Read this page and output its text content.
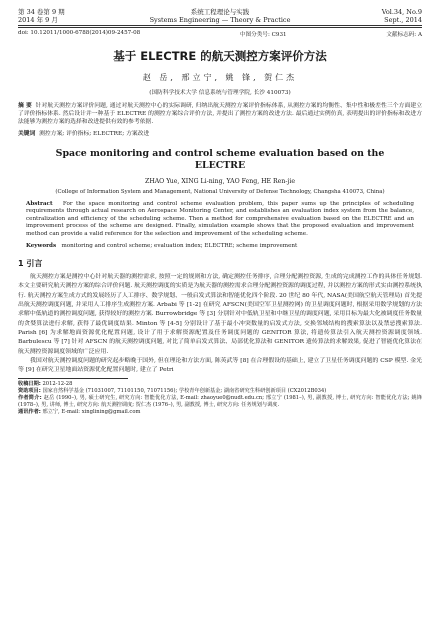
第 34 卷第 9 期
2014 年 9 月
系统工程理论与实践
Systems Engineering — Theory & Practice
Vol.34, No.9
Sept., 2014
doi: 10.12011/1000-6788(2014)09-2457-08	中图分类号: C931	文献标志码: A
基于 ELECTRE 的航天测控方案评价方法
赵 岳, 邢立宁, 姚 锋, 贺仁杰
(国防科学技术大学 信息系统与管理学院, 长沙 410073)

摘 要 针对航天测控方案评价问题, 通过对航天测控中心的实际调研, 归纳出航天测控方案评价指标体系, 从测控方案的均衡性、集中性和极差性三个方面建立了评价指标体系. 然后设计并一种基于 ELECTRE 的测控方案综合评价方法, 并提出了测控方案的改进方法. 最后通过实例仿真, 表明提出的评价指标和改进方法能够为测控方案的选择和改进提供有效的参考依据.

关键词 测控方案; 评价指标; ELECTRE; 方案改进

Space monitoring and control scheme evaluation based on the ELECTRE
ZHAO Yue, XING Li-ning, YAO Feng, HE Ren-jie
(College of Information System and Management, National University of Defense Technology, Changsha 410073, China)

Abstract For the space monitoring and control scheme evaluation problem, this paper sums up the principles of scheduling requirements through actual research on Aerospace Monitoring Center, and establishes an evaluation index system from the balance, centralization and efficiency of the scheduling scheme. Then a method for comprehensive evaluation based on the ELECTRE and an improvement process of the scheme are designed. Finally, simulation example shows that the proposed evaluation and improvement method can provide a valid reference for the selection and improvement of the scheduling scheme.

Keywords monitoring and control scheme; evaluation index; ELECTRE; scheme improvement

1 引言

航天测控方案是测控中心针对航天器的测控需求, 按照一定的规则和方法, 确定测控任务排序, 合理分配测控资源, 生成的完成测控工作的具体任务规划. 本文主要研究航天测控方案的综合评价问题. 航天测控调度的实质是为航天器的测控需求合理分配测控资源的调度过程, 并以测控方案的形式实由测控系统执行. 航天测控方案生成方式的发展经历了人工排序、数学规划、一般启发式算法和智能优化四个阶段. 20 世纪 80 年代, NASA(美国航空航天管理局) 首先提出航天测控调度问题, 并采用人工排序生成测控方案. Arbabi 等 [1-2] 在研究 AFSCN(美国空军卫星测控网) 的卫星调度问题时, 根据采用数学规划的方法求解中低轨道的测控调度问题, 获得较好的测控方案. Burrowbridge 等 [3] 分别针对中低轨卫星和中继卫星的调度问题, 采用目标为最大化被调度任务数量的贪婪算法进行求解, 获得了最优调度结果. Minton 等 [4-5] 分别设计了基于最小冲突数量的启发式方法, 交换邻域结构的搜索算法以及禁忌搜索算法. Parish [6] 为求解地面资源优化配置问题, 设计了用于求解资源配置及任务调度问题的 GENITOR 算法, 将遗传算法引入航天测控资源调度领域. Barbulescu 等 [7] 针对 AFSCN 的航天测控调度问题, 对比了简单启发式算法、局部优化算法和 GENITOR 遗传算法的求解效果, 促进了智能优化算法在航天测控资源调度领域的广泛应用.

我国对航天测控调度问题的研究起步略晚于国外, 但在理论和方法方面, 陈英武等 [8] 在合理假设的基础上, 建立了卫星任务调度问题的 CSP 模型. 金光等 [9] 在研究卫星地面站资源优化配置问题时, 建立了 Petri

收稿日期: 2012-12-28

资助项目: 国家自然科学基金 (71031007, 71101150, 71071156); 学校青年创新基金; 湖南省研究生科研创新项目 (CX2012B034)

作者简介: 赵岳 (1990–), 男, 硕士研究生, 研究方向: 智能优化方法, E-mail: zhaoyue0@nudt.edu.cn; 邢立宁 (1981–), 男, 副教授, 博士, 研究方向: 智能优化方法; 姚锋 (1978–), 男, 讲师, 博士, 研究方向: 航天测控调度; 贺仁杰 (1976–), 男, 副教授, 博士, 研究方向: 任务规划与调度.

通讯作者: 邢立宁, E-mail: xinglining@gmail.com
